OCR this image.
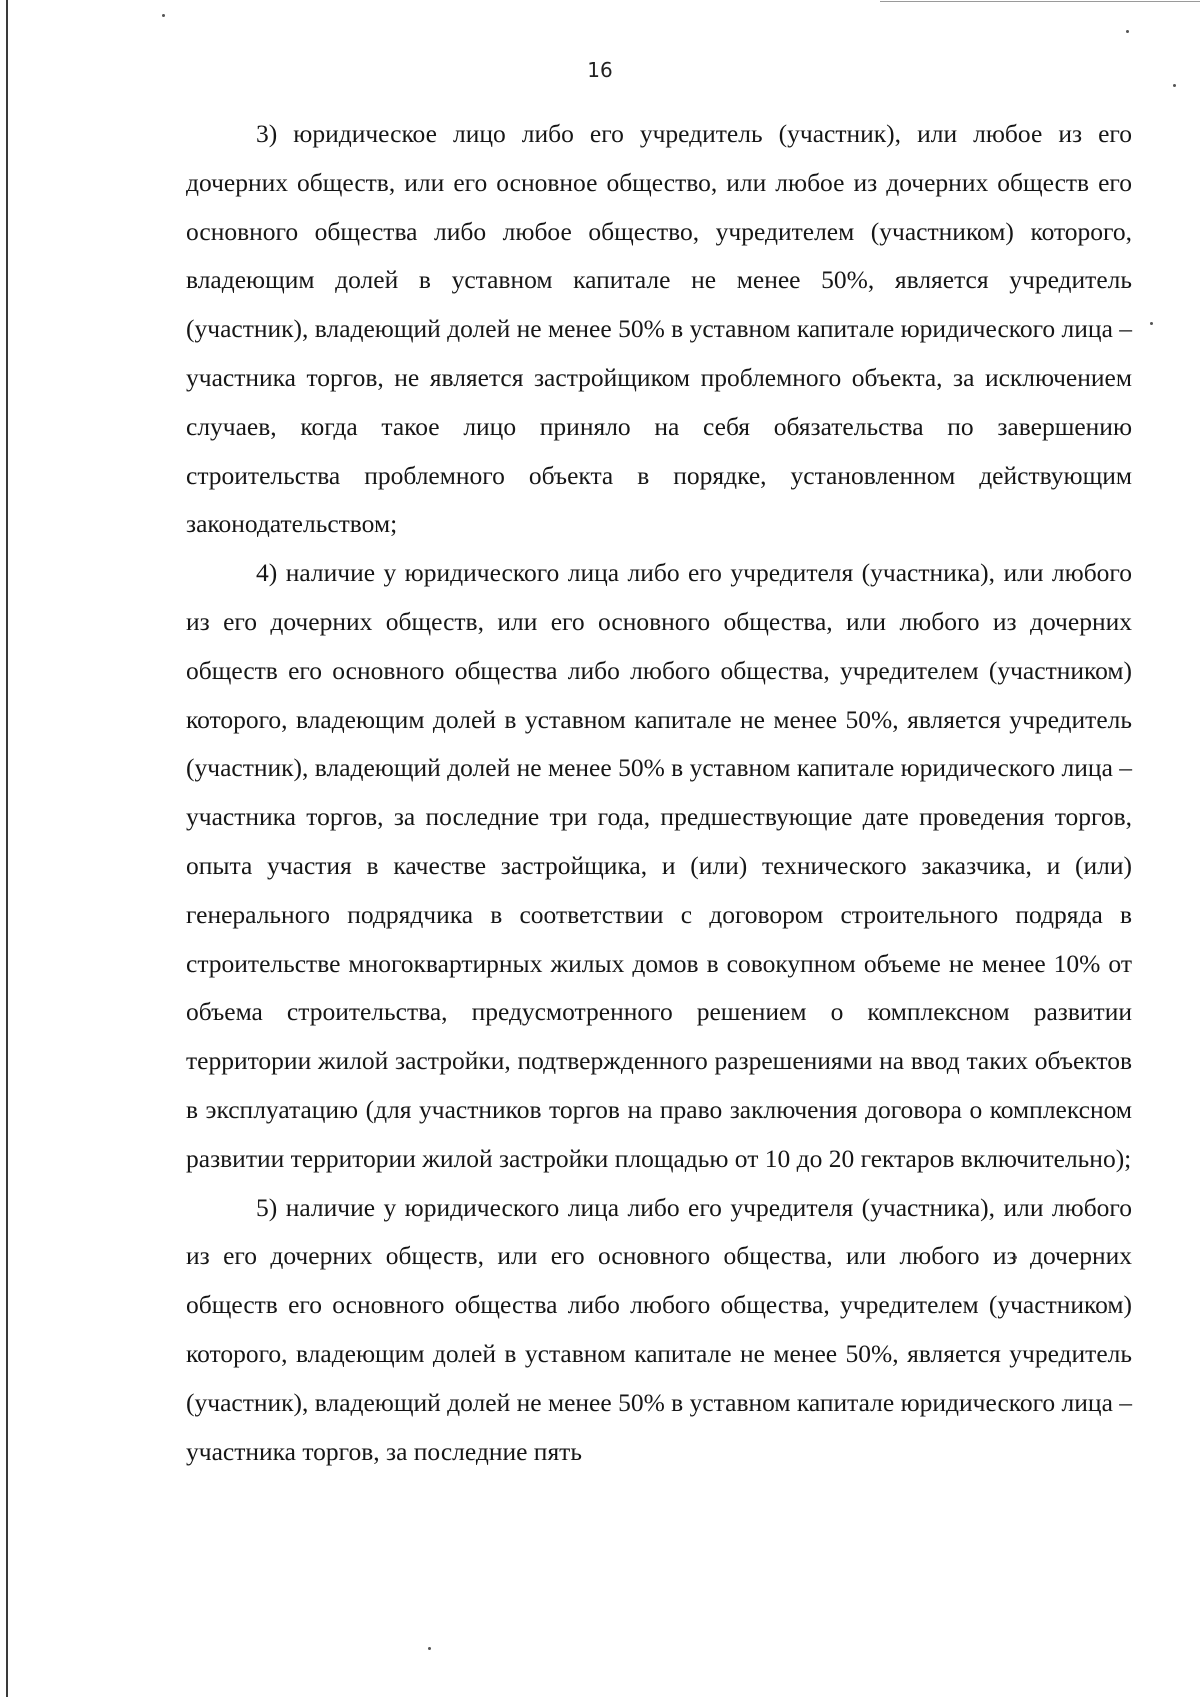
16

3) юридическое лицо либо его учредитель (участник), или любое из его дочерних обществ, или его основное общество, или любое из дочерних обществ его основного общества либо любое общество, учредителем (участником) которого, владеющим долей в уставном капитале не менее 50%, является учредитель (участник), владеющий долей не менее 50% в уставном капитале юридического лица – участника торгов, не является застройщиком проблемного объекта, за исключением случаев, когда такое лицо приняло на себя обязательства по завершению строительства проблемного объекта в порядке, установленном действующим законодательством;

4) наличие у юридического лица либо его учредителя (участника), или любого из его дочерних обществ, или его основного общества, или любого из дочерних обществ его основного общества либо любого общества, учредителем (участником) которого, владеющим долей в уставном капитале не менее 50%, является учредитель (участник), владеющий долей не менее 50% в уставном капитале юридического лица – участника торгов, за последние три года, предшествующие дате проведения торгов, опыта участия в качестве застройщика, и (или) технического заказчика, и (или) генерального подрядчика в соответствии с договором строительного подряда в строительстве многоквартирных жилых домов в совокупном объеме не менее 10% от объема строительства, предусмотренного решением о комплексном развитии территории жилой застройки, подтвержденного разрешениями на ввод таких объектов в эксплуатацию (для участников торгов на право заключения договора о комплексном развитии территории жилой застройки площадью от 10 до 20 гектаров включительно);

5) наличие у юридического лица либо его учредителя (участника), или любого из его дочерних обществ, или его основного общества, или любого из дочерних обществ его основного общества либо любого общества, учредителем (участником) которого, владеющим долей в уставном капитале не менее 50%, является учредитель (участник), владеющий долей не менее 50% в уставном капитале юридического лица – участника торгов, за последние пять
